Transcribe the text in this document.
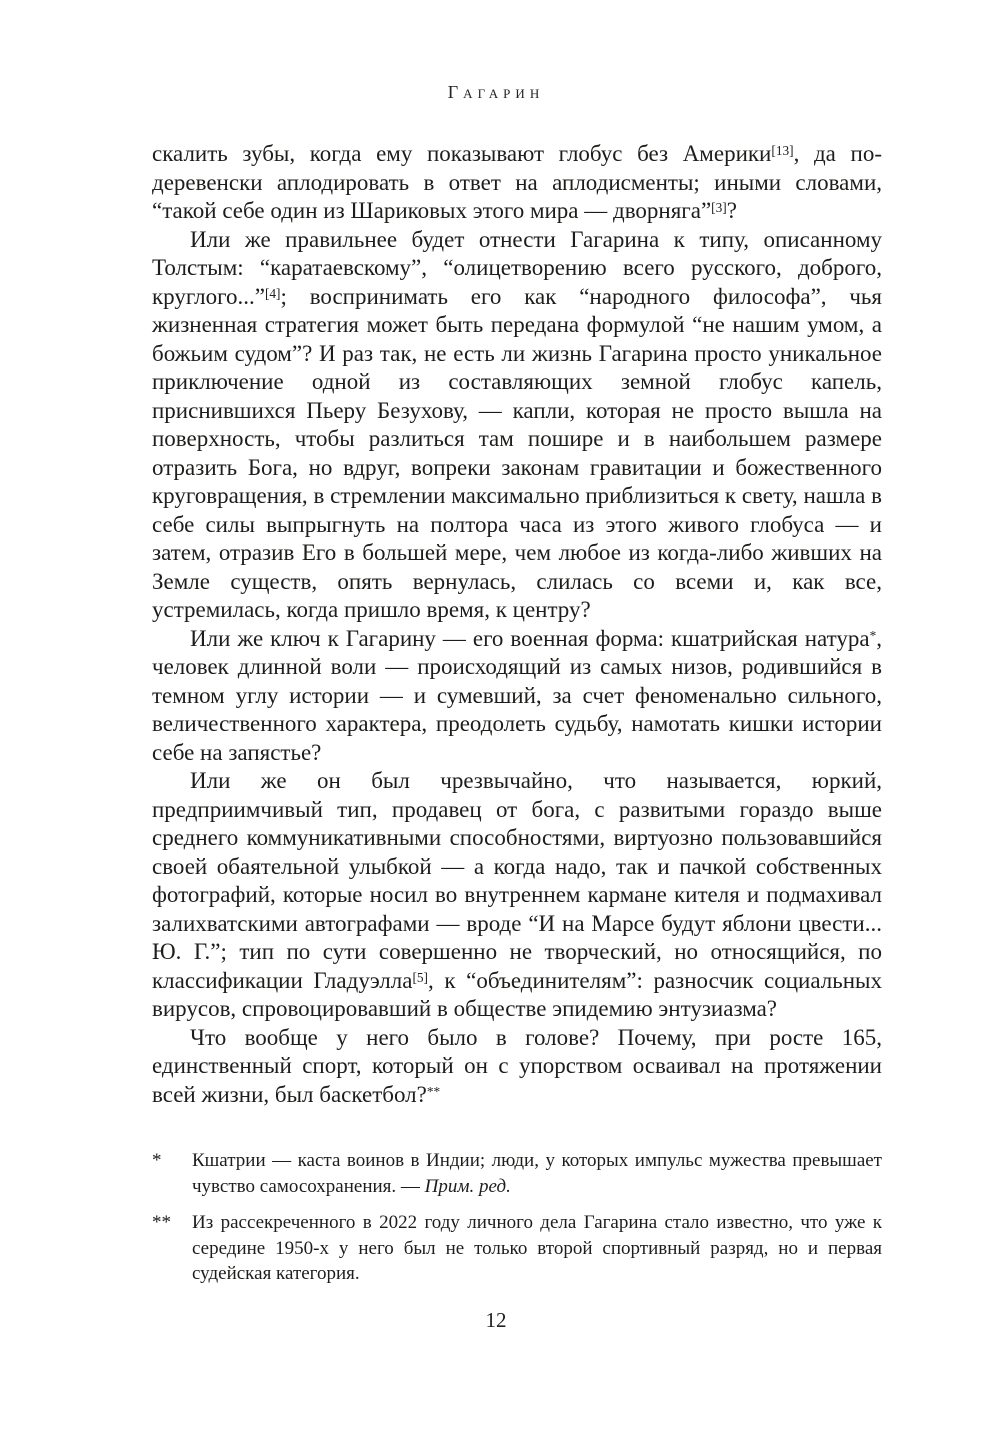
Гагарин

скалить зубы, когда ему показывают глобус без Америки[13], да по-деревенски аплодировать в ответ на аплодисменты; иными словами, “такой себе один из Шариковых этого мира — дворняга”[3]?

Или же правильнее будет отнести Гагарина к типу, описанному Толстым: “каратаевскому”, “олицетворению всего русского, доброго, круглого...”[4]; воспринимать его как “народного философа”, чья жизненная стратегия может быть передана формулой “не нашим умом, а божьим судом”? И раз так, не есть ли жизнь Гагарина просто уникальное приключение одной из составляющих земной глобус капель, приснившихся Пьеру Безухову, — капли, которая не просто вышла на поверхность, чтобы разлиться там пошире и в наибольшем размере отразить Бога, но вдруг, вопреки законам гравитации и божественного круговращения, в стремлении максимально приблизиться к свету, нашла в себе силы выпрыгнуть на полтора часа из этого живого глобуса — и затем, отразив Его в большей мере, чем любое из когда-либо живших на Земле существ, опять вернулась, слилась со всеми и, как все, устремилась, когда пришло время, к центру?

Или же ключ к Гагарину — его военная форма: кшатрийская натура*, человек длинной воли — происходящий из самых низов, родившийся в темном углу истории — и сумевший, за счет феноменально сильного, величественного характера, преодолеть судьбу, намотать кишки истории себе на запястье?

Или же он был чрезвычайно, что называется, юркий, предприимчивый тип, продавец от бога, с развитыми гораздо выше среднего коммуникативными способностями, виртуозно пользовавшийся своей обаятельной улыбкой — а когда надо, так и пачкой собственных фотографий, которые носил во внутреннем кармане кителя и подмахивал залихватскими автографами — вроде “И на Марсе будут яблони цвести... Ю. Г.”; тип по сути совершенно не творческий, но относящийся, по классификации Гладуэлла[5], к “объединителям”: разносчик социальных вирусов, спровоцировавший в обществе эпидемию энтузиазма?

Что вообще у него было в голове? Почему, при росте 165, единственный спорт, который он с упорством осваивал на протяжении всей жизни, был баскетбол?**

* Кшатрии — каста воинов в Индии; люди, у которых импульс мужества превышает чувство самосохранения. — Прим. ред.
** Из рассекреченного в 2022 году личного дела Гагарина стало известно, что уже к середине 1950-х у него был не только второй спортивный разряд, но и первая судейская категория.
12
